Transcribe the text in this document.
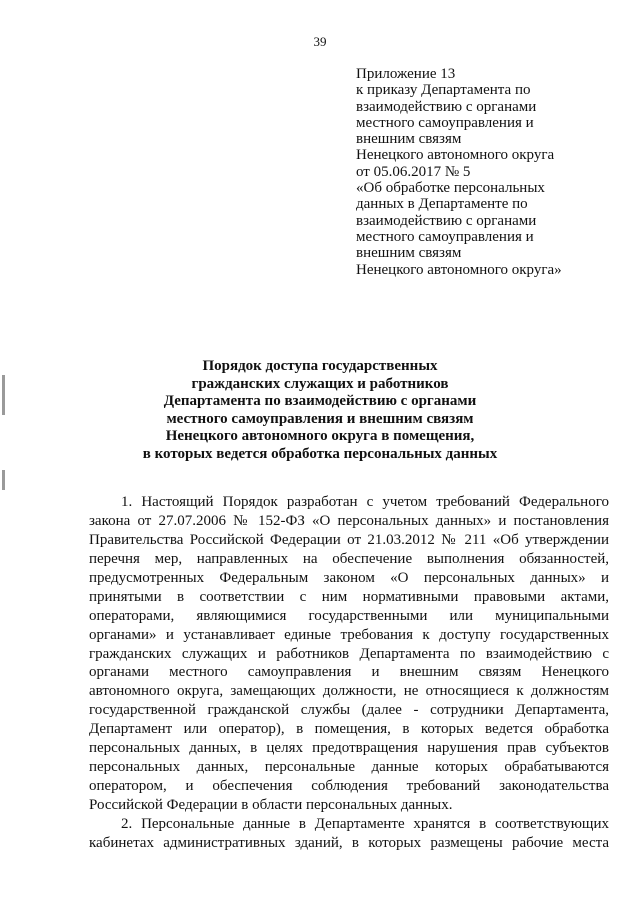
39
Приложение 13
к приказу Департамента по
взаимодействию с органами
местного самоуправления и
внешним связям
Ненецкого автономного округа
от 05.06.2017 № 5
«Об обработке персональных
данных в Департаменте по
взаимодействию с органами
местного самоуправления и
внешним связям
Ненецкого автономного округа»
Порядок доступа государственных
гражданских служащих и работников
Департамента по взаимодействию с органами
местного самоуправления и внешним связям
Ненецкого автономного округа в помещения,
в которых ведется обработка персональных данных
1. Настоящий Порядок разработан с учетом требований Федерального
закона от 27.07.2006 № 152-ФЗ «О персональных данных» и постановления
Правительства Российской Федерации от 21.03.2012 № 211 «Об утверждении
перечня мер, направленных на обеспечение выполнения обязанностей,
предусмотренных Федеральным законом «О персональных данных» и
принятыми в соответствии с ним нормативными правовыми актами,
операторами, являющимися государственными или муниципальными
органами» и устанавливает единые требования к доступу государственных
гражданских служащих и работников Департамента по взаимодействию с
органами местного самоуправления и внешним связям Ненецкого
автономного округа, замещающих должности, не относящиеся к должностям
государственной гражданской службы (далее - сотрудники Департамента,
Департамент или оператор), в помещения, в которых ведется обработка
персональных данных, в целях предотвращения нарушения прав субъектов
персональных данных, персональные данные которых обрабатываются
оператором, и обеспечения соблюдения требований законодательства
Российской Федерации в области персональных данных.
2. Персональные данные в Департаменте хранятся в соответствующих
кабинетах административных зданий, в которых размещены рабочие места
